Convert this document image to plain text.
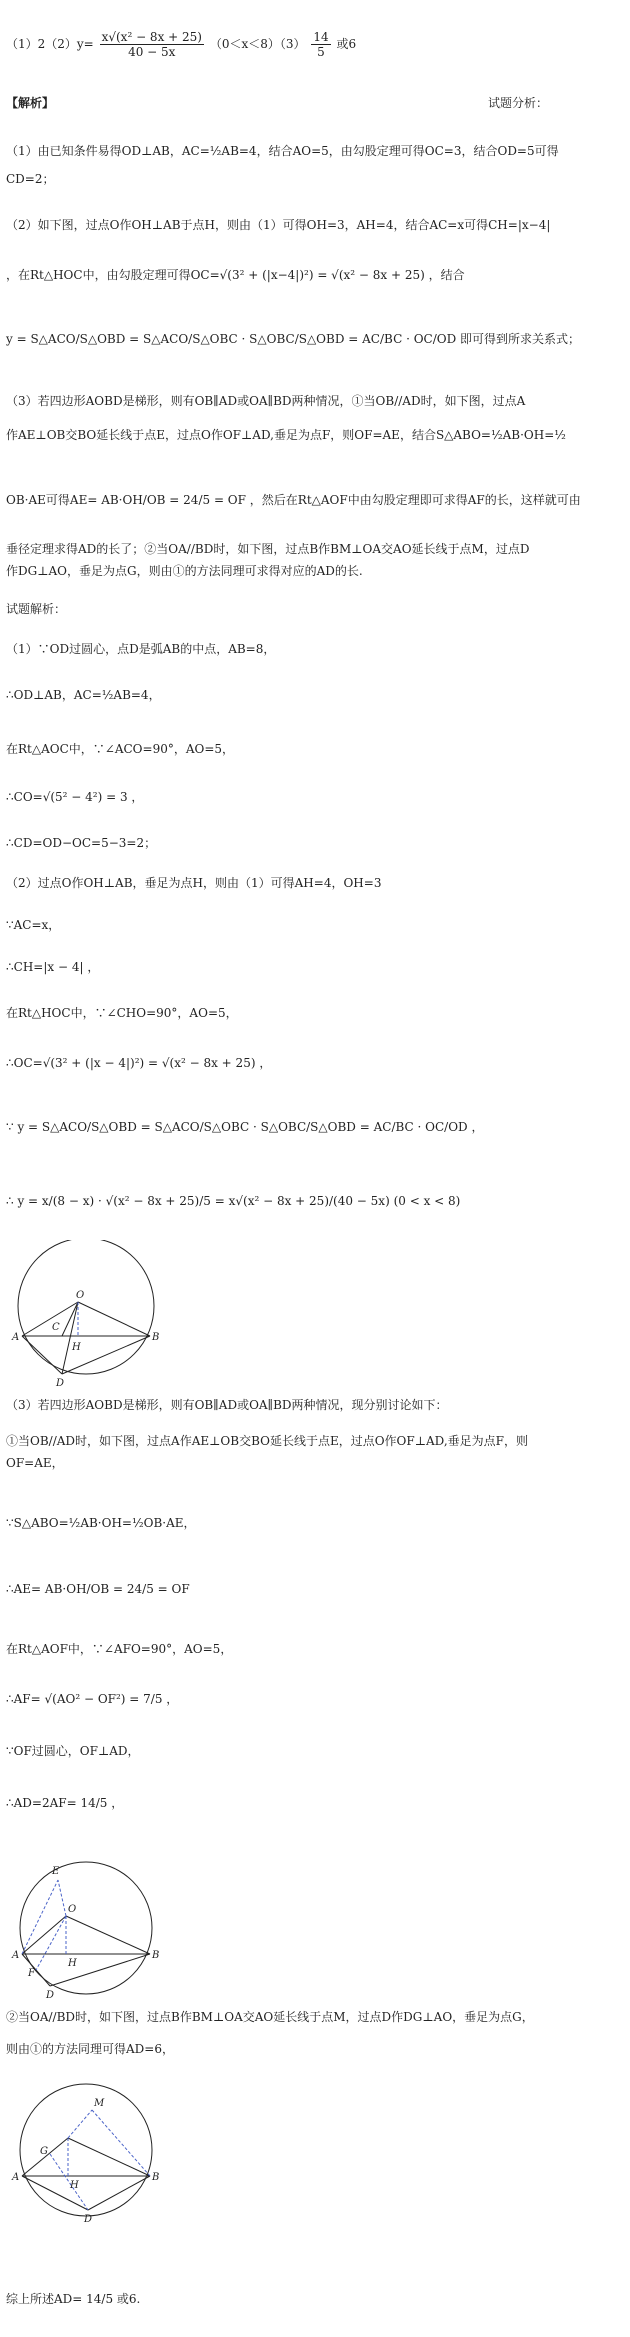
$(1)2(2)y= \frac{\text{x√(x² − 8x + 25)}}{40 - 5x} (0<x<8)(3) \frac{14}{5}$ 或6
【解析】	试题分析：
（1）由已知条件易得OD⊥AB，AC=½AB=4，结合AO=5，由勾股定理可得OC=3，结合OD=5可得
CD=2；
（2）如下图，过点O作OH⊥AB于点H，则由（1）可得OH=3，AH=4，结合AC=x可得CH=|x−4|
，在Rt△HOC中，由勾股定理可得OC=√(3² + (|x−4|)²) = √(x² − 8x + 25) ，结合
y = S△ACO/S△OBD = S△ACO/S△OBC · S△OBC/S△OBD = AC/BC · OC/OD 即可得到所求关系式；
（3）若四边形AOBD是梯形，则有OB∥AD或OA∥BD两种情况，①当OB//AD时，如下图，过点A
作AE⊥OB交BO延长线于点E，过点O作OF⊥AD,垂足为点F，则OF=AE，结合S△ABO=½AB·OH=½
OB·AE可得AE= AB·OH/OB = 24/5 = OF ，然后在Rt△AOF中由勾股定理即可求得AF的长，这样就可由
垂径定理求得AD的长了；②当OA//BD时，如下图，过点B作BM⊥OA交AO延长线于点M，过点D
作DG⊥AO，垂足为点G，则由①的方法同理可求得对应的AD的长.
试题解析：
（1）∵OD过圆心，点D是弧AB的中点，AB=8，
∴OD⊥AB，AC=½AB=4，
在Rt△AOC中，∵∠ACO=90°，AO=5，
∴CO=√(5² − 4²) = 3 ，
∴CD=OD−OC=5−3=2；
（2）过点O作OH⊥AB，垂足为点H，则由（1）可得AH=4，OH=3
∵AC=x，
∴CH=|x − 4| ，
在Rt△HOC中，∵∠CHO=90°，AO=5，
∴OC=√(3² + (|x − 4|)²) = √(x² − 8x + 25) ，
∵ y = S△ACO/S△OBD = S△ACO/S△OBC · S△OBC/S△OBD = AC/BC · OC/OD ，
∴ y = x/(8 − x) · √(x² − 8x + 25)/5 = x√(x² − 8x + 25)/(40 − 5x) (0 < x < 8)
O
C
H
A	B
D
（3）若四边形AOBD是梯形，则有OB∥AD或OA∥BD两种情况，现分别讨论如下：
①当OB//AD时，如下图，过点A作AE⊥OB交BO延长线于点E，过点O作OF⊥AD,垂足为点F，则
OF=AE，
∵S△ABO=½AB·OH=½OB·AE，
∴AE= AB·OH/OB = 24/5 = OF
在Rt△AOF中，∵∠AFO=90°，AO=5，
∴AF= √(AO² − OF²) = 7/5 ，
∵OF过圆心，OF⊥AD，
∴AD=2AF= 14/5 ，
E
O
A
H
B
F
D
②当OA//BD时，如下图，过点B作BM⊥OA交AO延长线于点M，过点D作DG⊥AO，垂足为点G，
则由①的方法同理可得AD=6，
M
G
A
H
B
D
综上所述AD= 14/5 或6.
